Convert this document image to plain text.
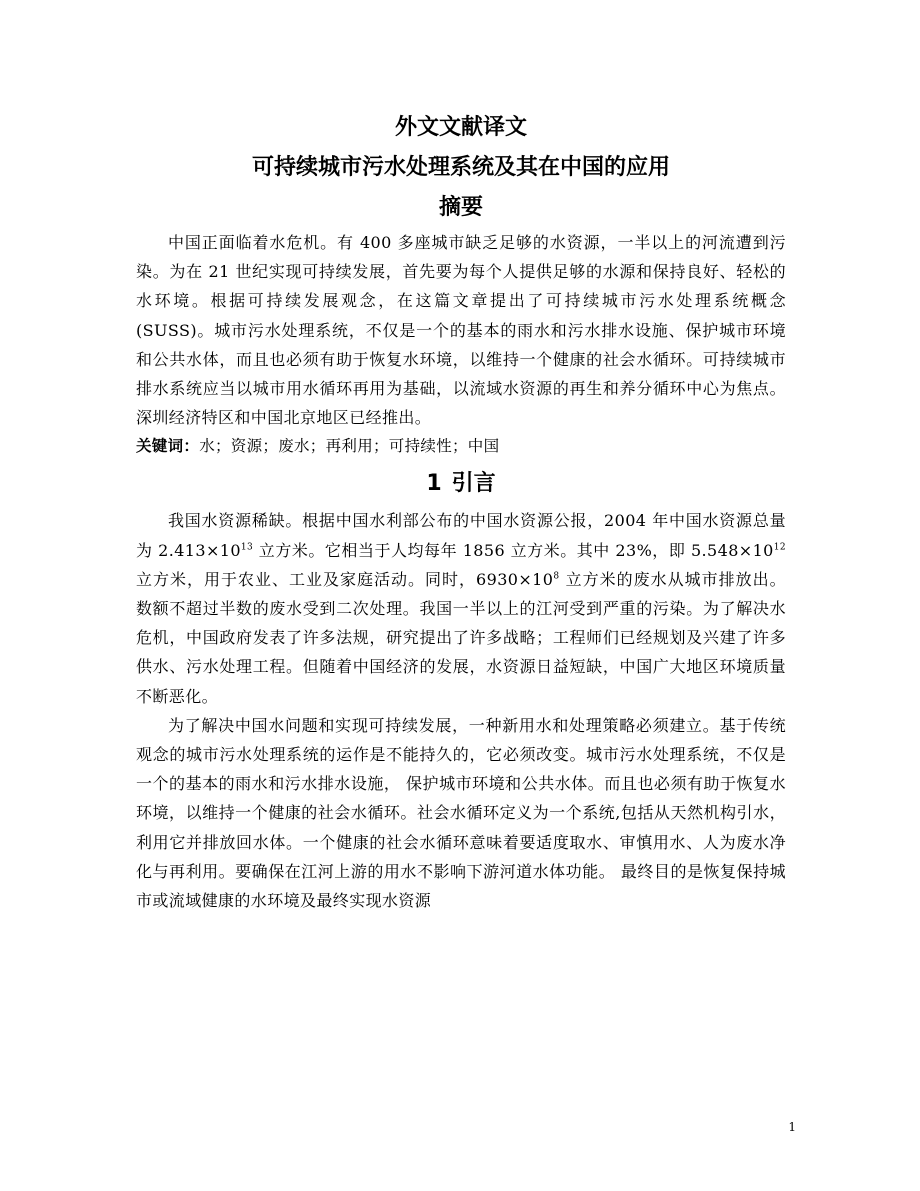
外文文献译文
可持续城市污水处理系统及其在中国的应用
摘要

中国正面临着水危机。有 400 多座城市缺乏足够的水资源，一半以上的河流遭到污染。为在 21 世纪实现可持续发展，首先要为每个人提供足够的水源和保持良好、轻松的水环境。根据可持续发展观念，在这篇文章提出了可持续城市污水处理系统概念(SUSS)。城市污水处理系统，不仅是一个的基本的雨水和污水排水设施、保护城市环境和公共水体，而且也必须有助于恢复水环境，以维持一个健康的社会水循环。可持续城市排水系统应当以城市用水循环再用为基础，以流域水资源的再生和养分循环中心为焦点。深圳经济特区和中国北京地区已经推出。

关键词：水；资源；废水；再利用；可持续性；中国

1 引言

我国水资源稀缺。根据中国水利部公布的中国水资源公报，2004 年中国水资源总量为 $2.413\times 10^{13}$ 立方米。它相当于人均每年 1856 立方米。其中 23%，即 $5.548\times 10^{12}$ 立方米，用于农业、工业及家庭活动。同时，$6930\times 10^8$ 立方米的废水从城市排放出。 数额不超过半数的废水受到二次处理。我国一半以上的江河受到严重的污染。为了解决水危机，中国政府发表了许多法规，研究提出了许多战略；工程师们已经规划及兴建了许多供水、污水处理工程。但随着中国经济的发展，水资源日益短缺，中国广大地区环境质量不断恶化。

为了解决中国水问题和实现可持续发展，一种新用水和处理策略必须建立。基于传统观念的城市污水处理系统的运作是不能持久的，它必须改变。城市污水处理系统，不仅是一个的基本的雨水和污水排水设施， 保护城市环境和公共水体。而且也必须有助于恢复水环境，以维持一个健康的社会水循环。社会水循环定义为一个系统,包括从天然机构引水，利用它并排放回水体。一个健康的社会水循环意味着要适度取水、审慎用水、人为废水净化与再利用。要确保在江河上游的用水不影响下游河道水体功能。 最终目的是恢复保持城市或流域健康的水环境及最终实现水资源

1
